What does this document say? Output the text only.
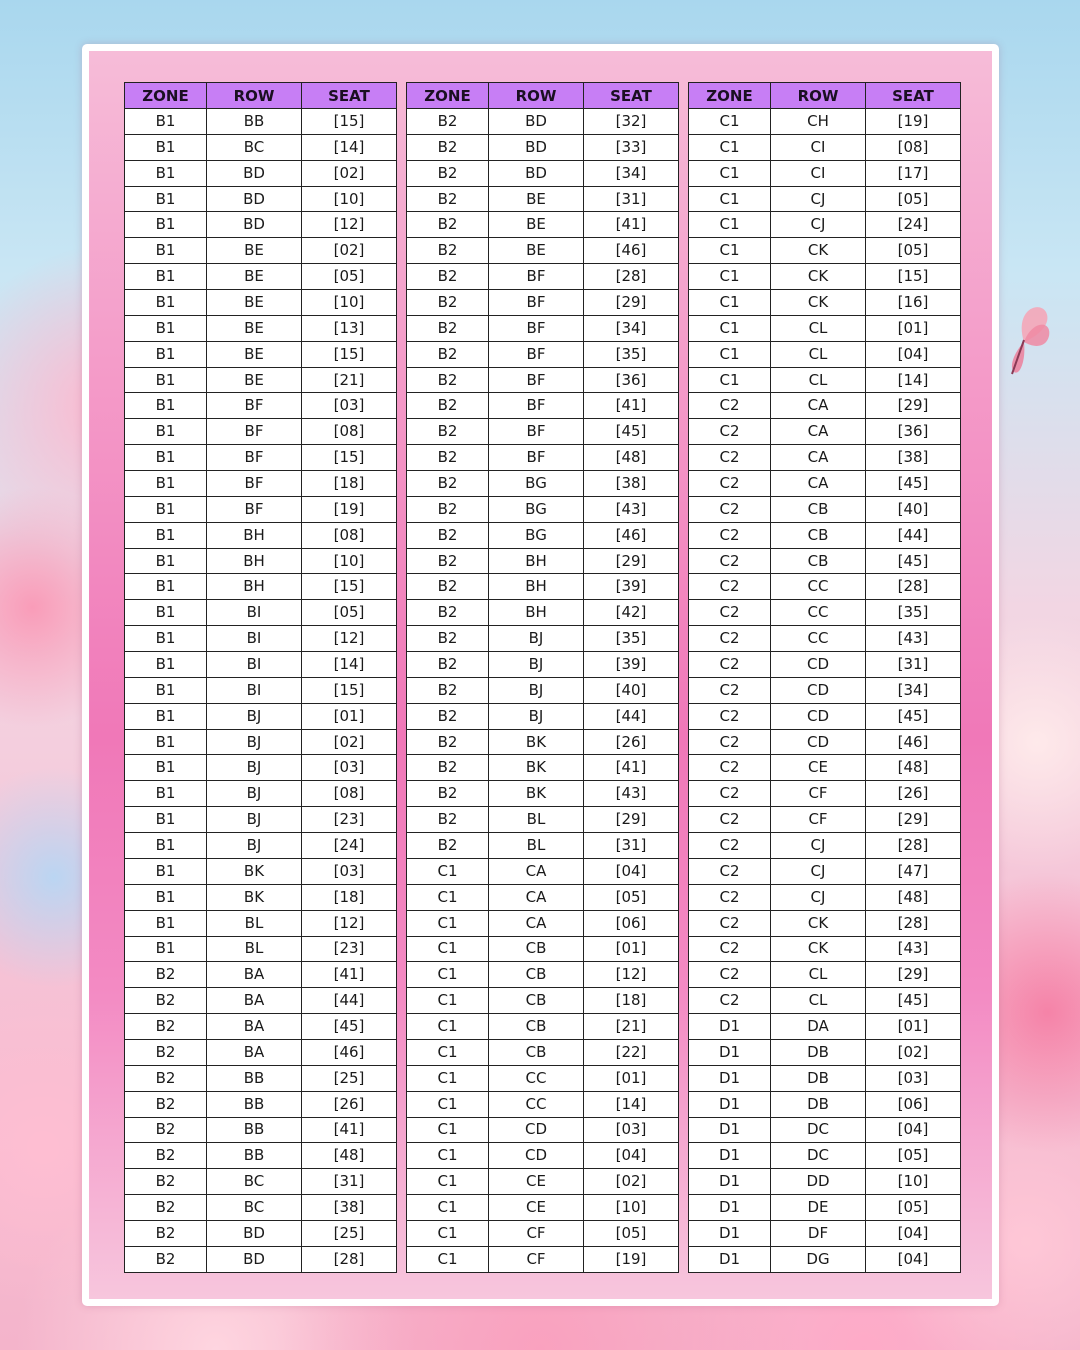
ZONE	ROW	SEAT
B1	BB	[15]
B1	BC	[14]
B1	BD	[02]
B1	BD	[10]
B1	BD	[12]
B1	BE	[02]
B1	BE	[05]
B1	BE	[10]
B1	BE	[13]
B1	BE	[15]
B1	BE	[21]
B1	BF	[03]
B1	BF	[08]
B1	BF	[15]
B1	BF	[18]
B1	BF	[19]
B1	BH	[08]
B1	BH	[10]
B1	BH	[15]
B1	BI	[05]
B1	BI	[12]
B1	BI	[14]
B1	BI	[15]
B1	BJ	[01]
B1	BJ	[02]
B1	BJ	[03]
B1	BJ	[08]
B1	BJ	[23]
B1	BJ	[24]
B1	BK	[03]
B1	BK	[18]
B1	BL	[12]
B1	BL	[23]
B2	BA	[41]
B2	BA	[44]
B2	BA	[45]
B2	BA	[46]
B2	BB	[25]
B2	BB	[26]
B2	BB	[41]
B2	BB	[48]
B2	BC	[31]
B2	BC	[38]
B2	BD	[25]
B2	BD	[28]
ZONE	ROW	SEAT
B2	BD	[32]
B2	BD	[33]
B2	BD	[34]
B2	BE	[31]
B2	BE	[41]
B2	BE	[46]
B2	BF	[28]
B2	BF	[29]
B2	BF	[34]
B2	BF	[35]
B2	BF	[36]
B2	BF	[41]
B2	BF	[45]
B2	BF	[48]
B2	BG	[38]
B2	BG	[43]
B2	BG	[46]
B2	BH	[29]
B2	BH	[39]
B2	BH	[42]
B2	BJ	[35]
B2	BJ	[39]
B2	BJ	[40]
B2	BJ	[44]
B2	BK	[26]
B2	BK	[41]
B2	BK	[43]
B2	BL	[29]
B2	BL	[31]
C1	CA	[04]
C1	CA	[05]
C1	CA	[06]
C1	CB	[01]
C1	CB	[12]
C1	CB	[18]
C1	CB	[21]
C1	CB	[22]
C1	CC	[01]
C1	CC	[14]
C1	CD	[03]
C1	CD	[04]
C1	CE	[02]
C1	CE	[10]
C1	CF	[05]
C1	CF	[19]
ZONE	ROW	SEAT
C1	CH	[19]
C1	CI	[08]
C1	CI	[17]
C1	CJ	[05]
C1	CJ	[24]
C1	CK	[05]
C1	CK	[15]
C1	CK	[16]
C1	CL	[01]
C1	CL	[04]
C1	CL	[14]
C2	CA	[29]
C2	CA	[36]
C2	CA	[38]
C2	CA	[45]
C2	CB	[40]
C2	CB	[44]
C2	CB	[45]
C2	CC	[28]
C2	CC	[35]
C2	CC	[43]
C2	CD	[31]
C2	CD	[34]
C2	CD	[45]
C2	CD	[46]
C2	CE	[48]
C2	CF	[26]
C2	CF	[29]
C2	CJ	[28]
C2	CJ	[47]
C2	CJ	[48]
C2	CK	[28]
C2	CK	[43]
C2	CL	[29]
C2	CL	[45]
D1	DA	[01]
D1	DB	[02]
D1	DB	[03]
D1	DB	[06]
D1	DC	[04]
D1	DC	[05]
D1	DD	[10]
D1	DE	[05]
D1	DF	[04]
D1	DG	[04]
